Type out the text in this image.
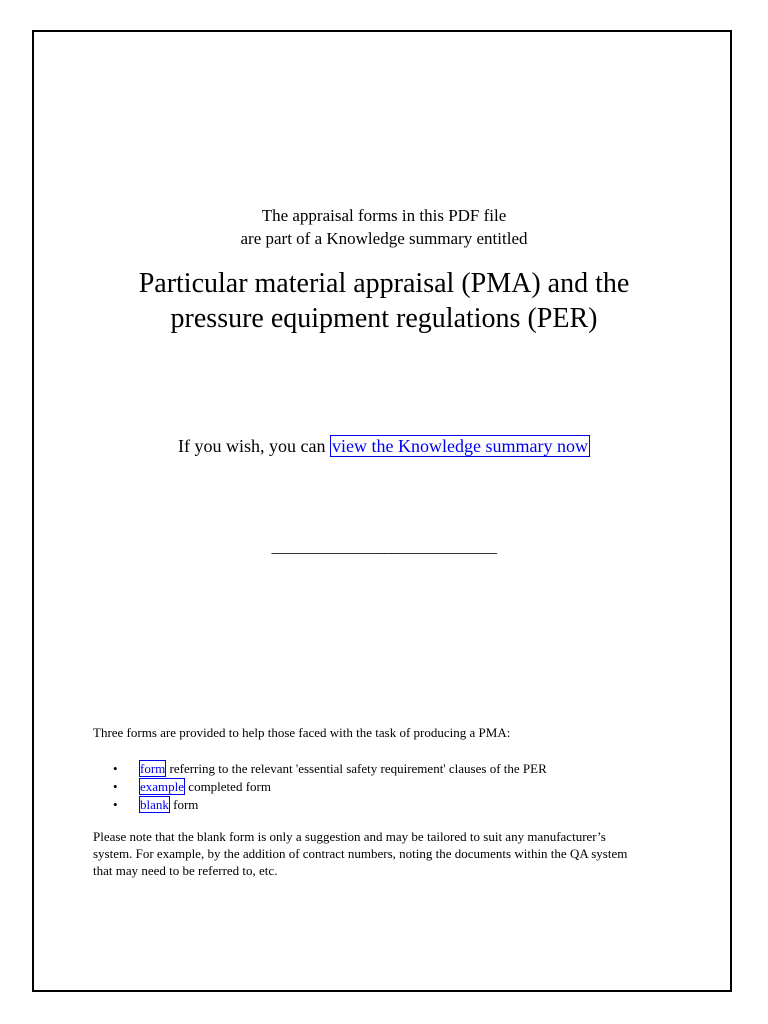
The appraisal forms in this PDF file
are part of a Knowledge summary entitled
Particular material appraisal (PMA) and the
pressure equipment regulations (PER)
If you wish, you can view the Knowledge summary now
______________________________
Three forms are provided to help those faced with the task of producing a PMA:
• form referring to the relevant 'essential safety requirement' clauses of the PER
• example completed form
• blank form
Please note that the blank form is only a suggestion and may be tailored to suit any manufacturer’s system. For example, by the addition of contract numbers, noting the documents within the QA system that may need to be referred to, etc.
